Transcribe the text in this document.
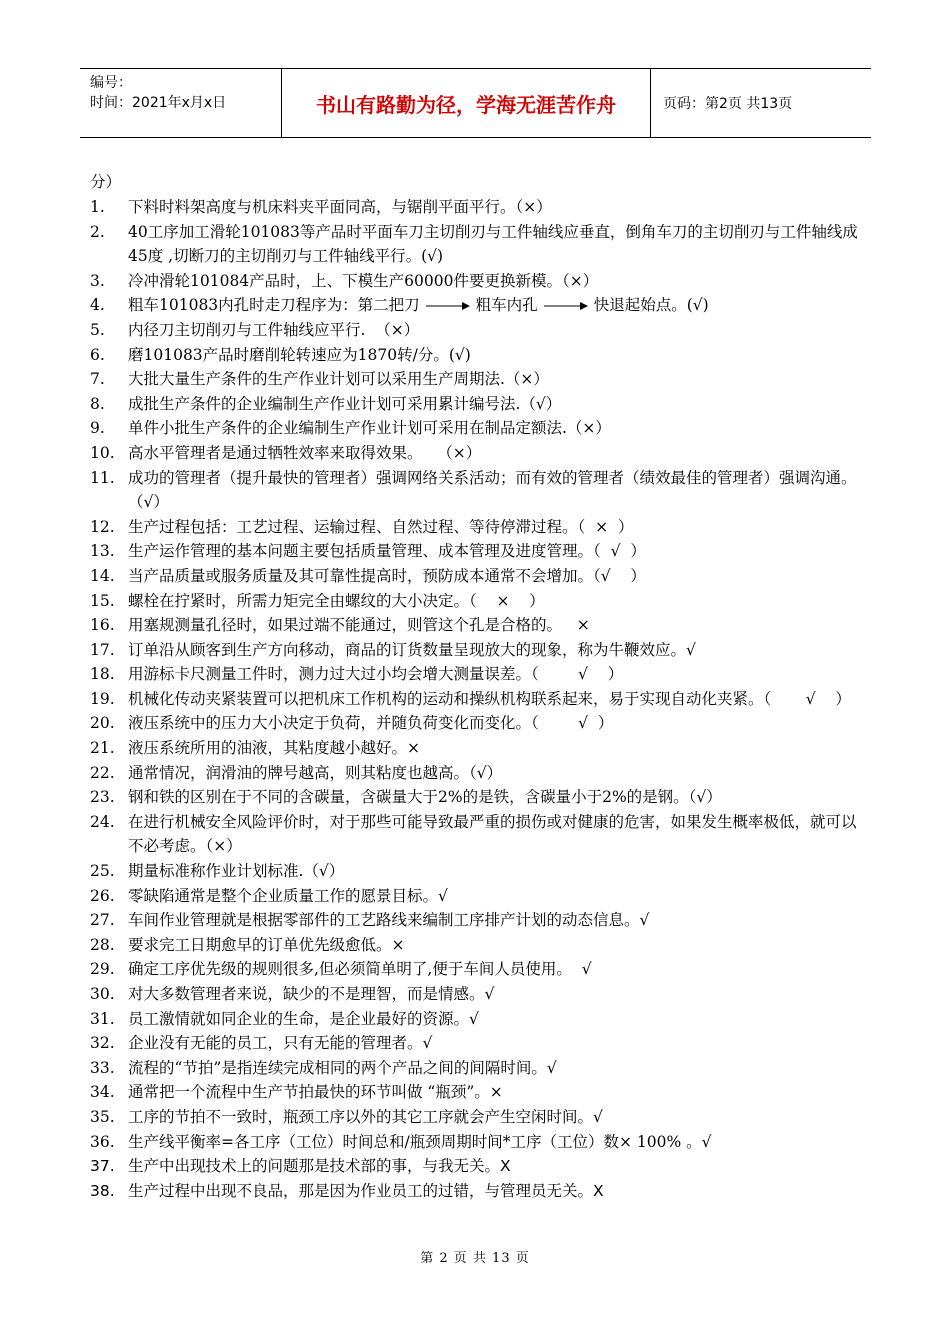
编号：
时间：2021年x月x日	书山有路勤为径，学海无涯苦作舟	页码：第2页 共13页
分）
1.	下料时料架高度与机床料夹平面同高，与锯削平面平行。（×）
2.	40工序加工滑轮101083等产品时平面车刀主切削刃与工件轴线应垂直，倒角车刀的主切削刃与工件轴线成45度 ,切断刀的主切削刃与工件轴线平行。(√)
3.	冷冲滑轮101084产品时，上、下模生产60000件要更换新模。（×）
4.	粗车101083内孔时走刀程序为：第二把刀	粗车内孔	快退起始点。(√)
5.	内径刀主切削刃与工件轴线应平行.  （×）
6.	磨101083产品时磨削轮转速应为1870转/分。(√)
7.	大批大量生产条件的生产作业计划可以采用生产周期法.（×）
8.	成批生产条件的企业编制生产作业计划可采用累计编号法.（√）
9.	单件小批生产条件的企业编制生产作业计划可采用在制品定额法.（×）
10. 高水平管理者是通过牺牲效率来取得效果。   （×）
11. 成功的管理者（提升最快的管理者）强调网络关系活动；而有效的管理者（绩效最佳的管理者）强调沟通。   （√）
12. 生产过程包括：工艺过程、运输过程、自然过程、等待停滞过程。（  ×  ）
13. 生产运作管理的基本问题主要包括质量管理、成本管理及进度管理。（  √  ）
14. 当产品质量或服务质量及其可靠性提高时，预防成本通常不会增加。（√    ）
15. 螺栓在拧紧时，所需力矩完全由螺纹的大小决定。（    ×    ）
16. 用塞规测量孔径时，如果过端不能通过，则管这个孔是合格的。   ×
17. 订单沿从顾客到生产方向移动，商品的订货数量呈现放大的现象，称为牛鞭效应。√
18. 用游标卡尺测量工件时，测力过大过小均会增大测量误差。（        √    ）
19. 机械化传动夹紧装置可以把机床工作机构的运动和操纵机构联系起来，易于实现自动化夹紧。（       √    ）
20. 液压系统中的压力大小决定于负荷，并随负荷变化而变化。（        √  ）
21. 液压系统所用的油液，其粘度越小越好。×
22. 通常情况，润滑油的牌号越高，则其粘度也越高。（√）
23. 钢和铁的区别在于不同的含碳量，含碳量大于2%的是铁，含碳量小于2%的是钢。（√）
24. 在进行机械安全风险评价时，对于那些可能导致最严重的损伤或对健康的危害，如果发生概率极低，就可以不必考虑。（×）
25. 期量标准称作业计划标准.（√）
26. 零缺陷通常是整个企业质量工作的愿景目标。√
27. 车间作业管理就是根据零部件的工艺路线来编制工序排产计划的动态信息。√
28. 要求完工日期愈早的订单优先级愈低。×
29. 确定工序优先级的规则很多,但必须简单明了,便于车间人员使用。  √
30. 对大多数管理者来说，缺少的不是理智，而是情感。√
31. 员工激情就如同企业的生命，是企业最好的资源。√
32. 企业没有无能的员工，只有无能的管理者。√
33. 流程的“节拍”是指连续完成相同的两个产品之间的间隔时间。√
34. 通常把一个流程中生产节拍最快的环节叫做 “瓶颈”。×
35. 工序的节拍不一致时，瓶颈工序以外的其它工序就会产生空闲时间。√
36. 生产线平衡率=各工序（工位）时间总和/瓶颈周期时间*工序（工位）数× 100% 。√
37. 生产中出现技术上的问题那是技术部的事，与我无关。X
38. 生产过程中出现不良品，那是因为作业员工的过错，与管理员无关。X
第 2 页 共 13 页
